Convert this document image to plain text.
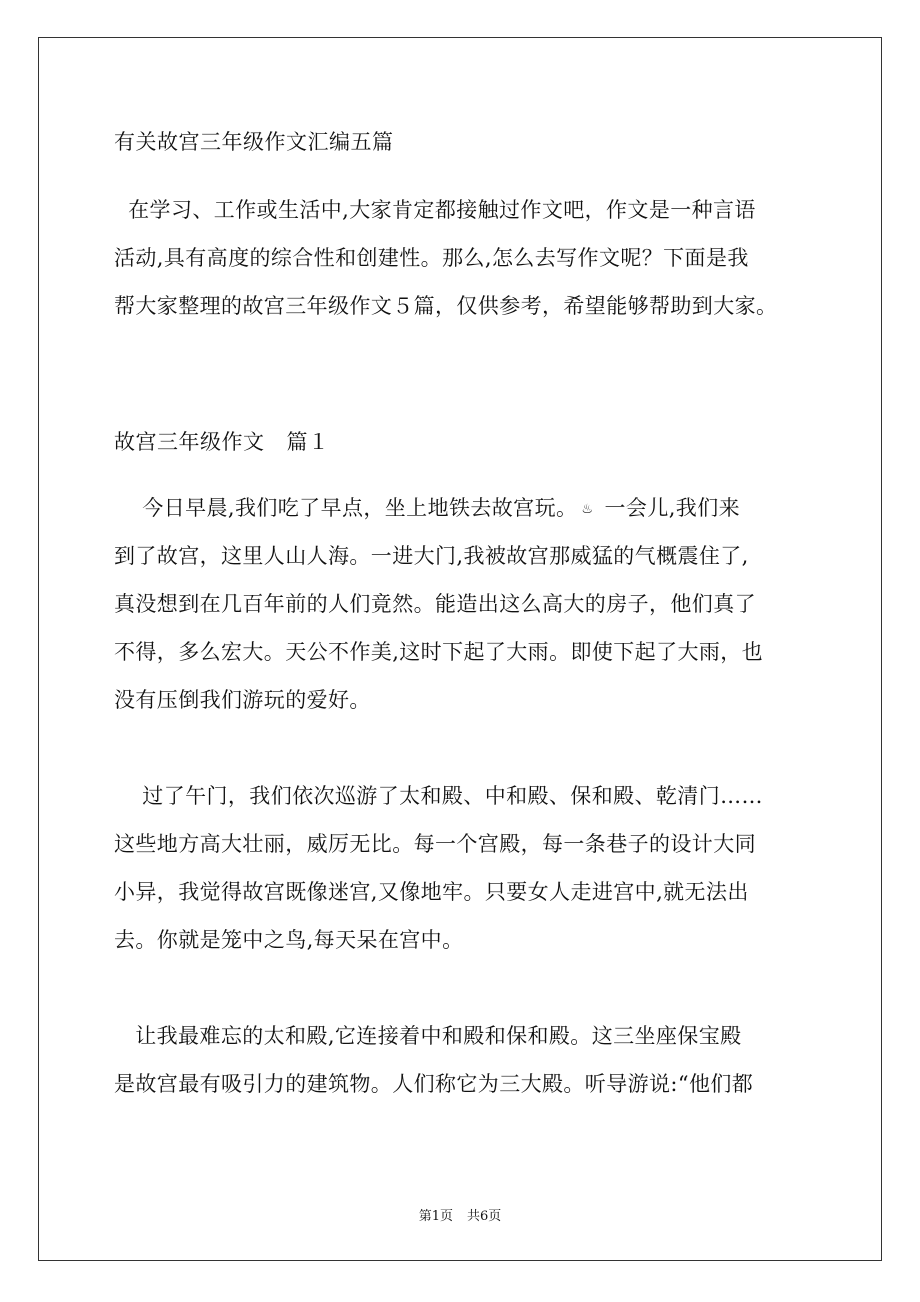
有关故宫三年级作文汇编五篇
在学习、工作或生活中,大家肯定都接触过作文吧，作文是一种言语
活动,具有高度的综合性和创建性。那么,怎么去写作文呢？下面是我
帮大家整理的故宫三年级作文５篇，仅供参考，希望能够帮助到大家。
故宫三年级作文 篇１
今日早晨,我们吃了早点，坐上地铁去故宫玩。 ♨ 一会儿,我们来
到了故宫，这里人山人海。一进大门,我被故宫那威猛的气概震住了,
真没想到在几百年前的人们竟然。能造出这么高大的房子，他们真了
不得，多么宏大。天公不作美,这时下起了大雨。即使下起了大雨，也
没有压倒我们游玩的爱好。
过了午门，我们依次巡游了太和殿、中和殿、保和殿、乾清门……
这些地方高大壮丽，威厉无比。每一个宫殿，每一条巷子的设计大同
小异，我觉得故宫既像迷宫,又像地牢。只要女人走进宫中,就无法出
去。你就是笼中之鸟,每天呆在宫中。
让我最难忘的太和殿,它连接着中和殿和保和殿。这三坐座保宝殿
是故宫最有吸引力的建筑物。人们称它为三大殿。听导游说:“他们都
第1页 共6页
